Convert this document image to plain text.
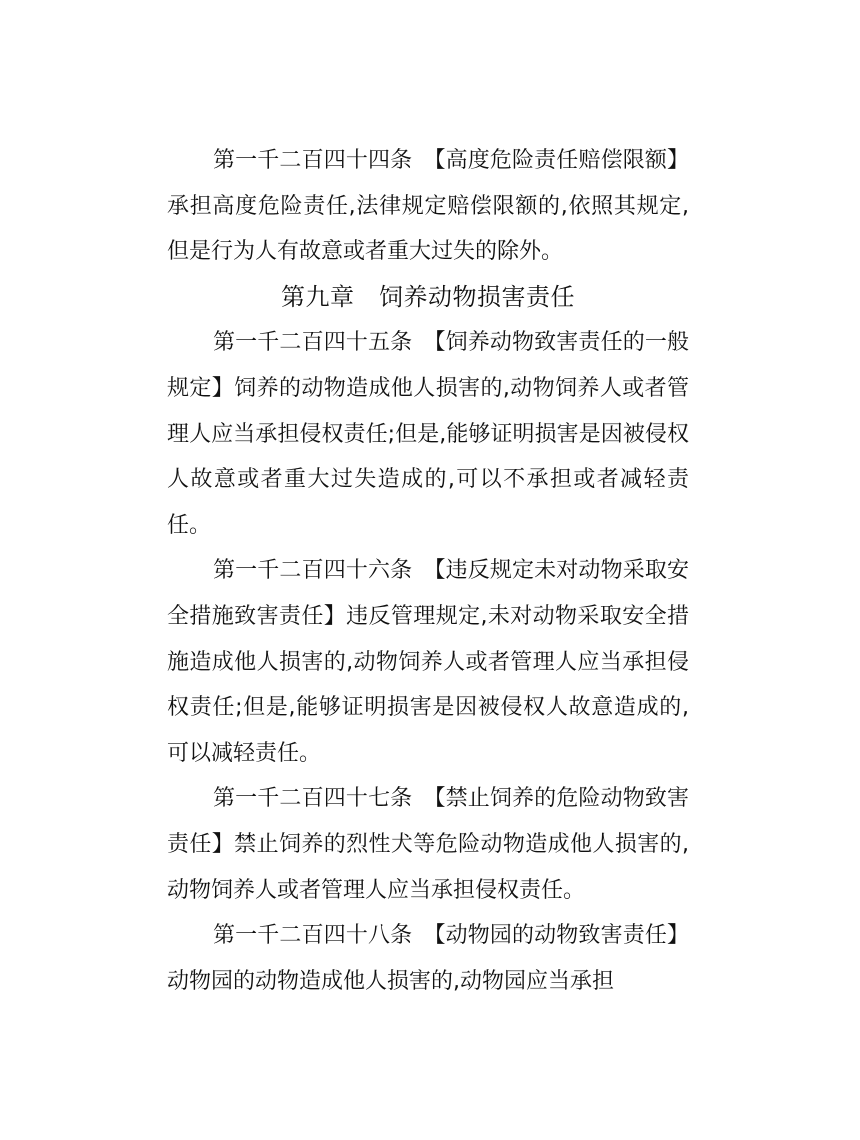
第一千二百四十四条　 【高度危险责任赔偿限额】承担高度危险责任,法律规定赔偿限额的,依照其规定,但是行为人有故意或者重大过失的除外。

第九章　 饲养动物损害责任

第一千二百四十五条　 【饲养动物致害责任的一般规定】饲养的动物造成他人损害的,动物饲养人或者管理人应当承担侵权责任;但是,能够证明损害是因被侵权人故意或者重大过失造成的,可以不承担或者减轻责任。

第一千二百四十六条　 【违反规定未对动物采取安全措施致害责任】违反管理规定,未对动物采取安全措施造成他人损害的,动物饲养人或者管理人应当承担侵权责任;但是,能够证明损害是因被侵权人故意造成的,可以减轻责任。

第一千二百四十七条　 【禁止饲养的危险动物致害责任】禁止饲养的烈性犬等危险动物造成他人损害的,动物饲养人或者管理人应当承担侵权责任。

第一千二百四十八条　 【动物园的动物致害责任】动物园的动物造成他人损害的,动物园应当承担
